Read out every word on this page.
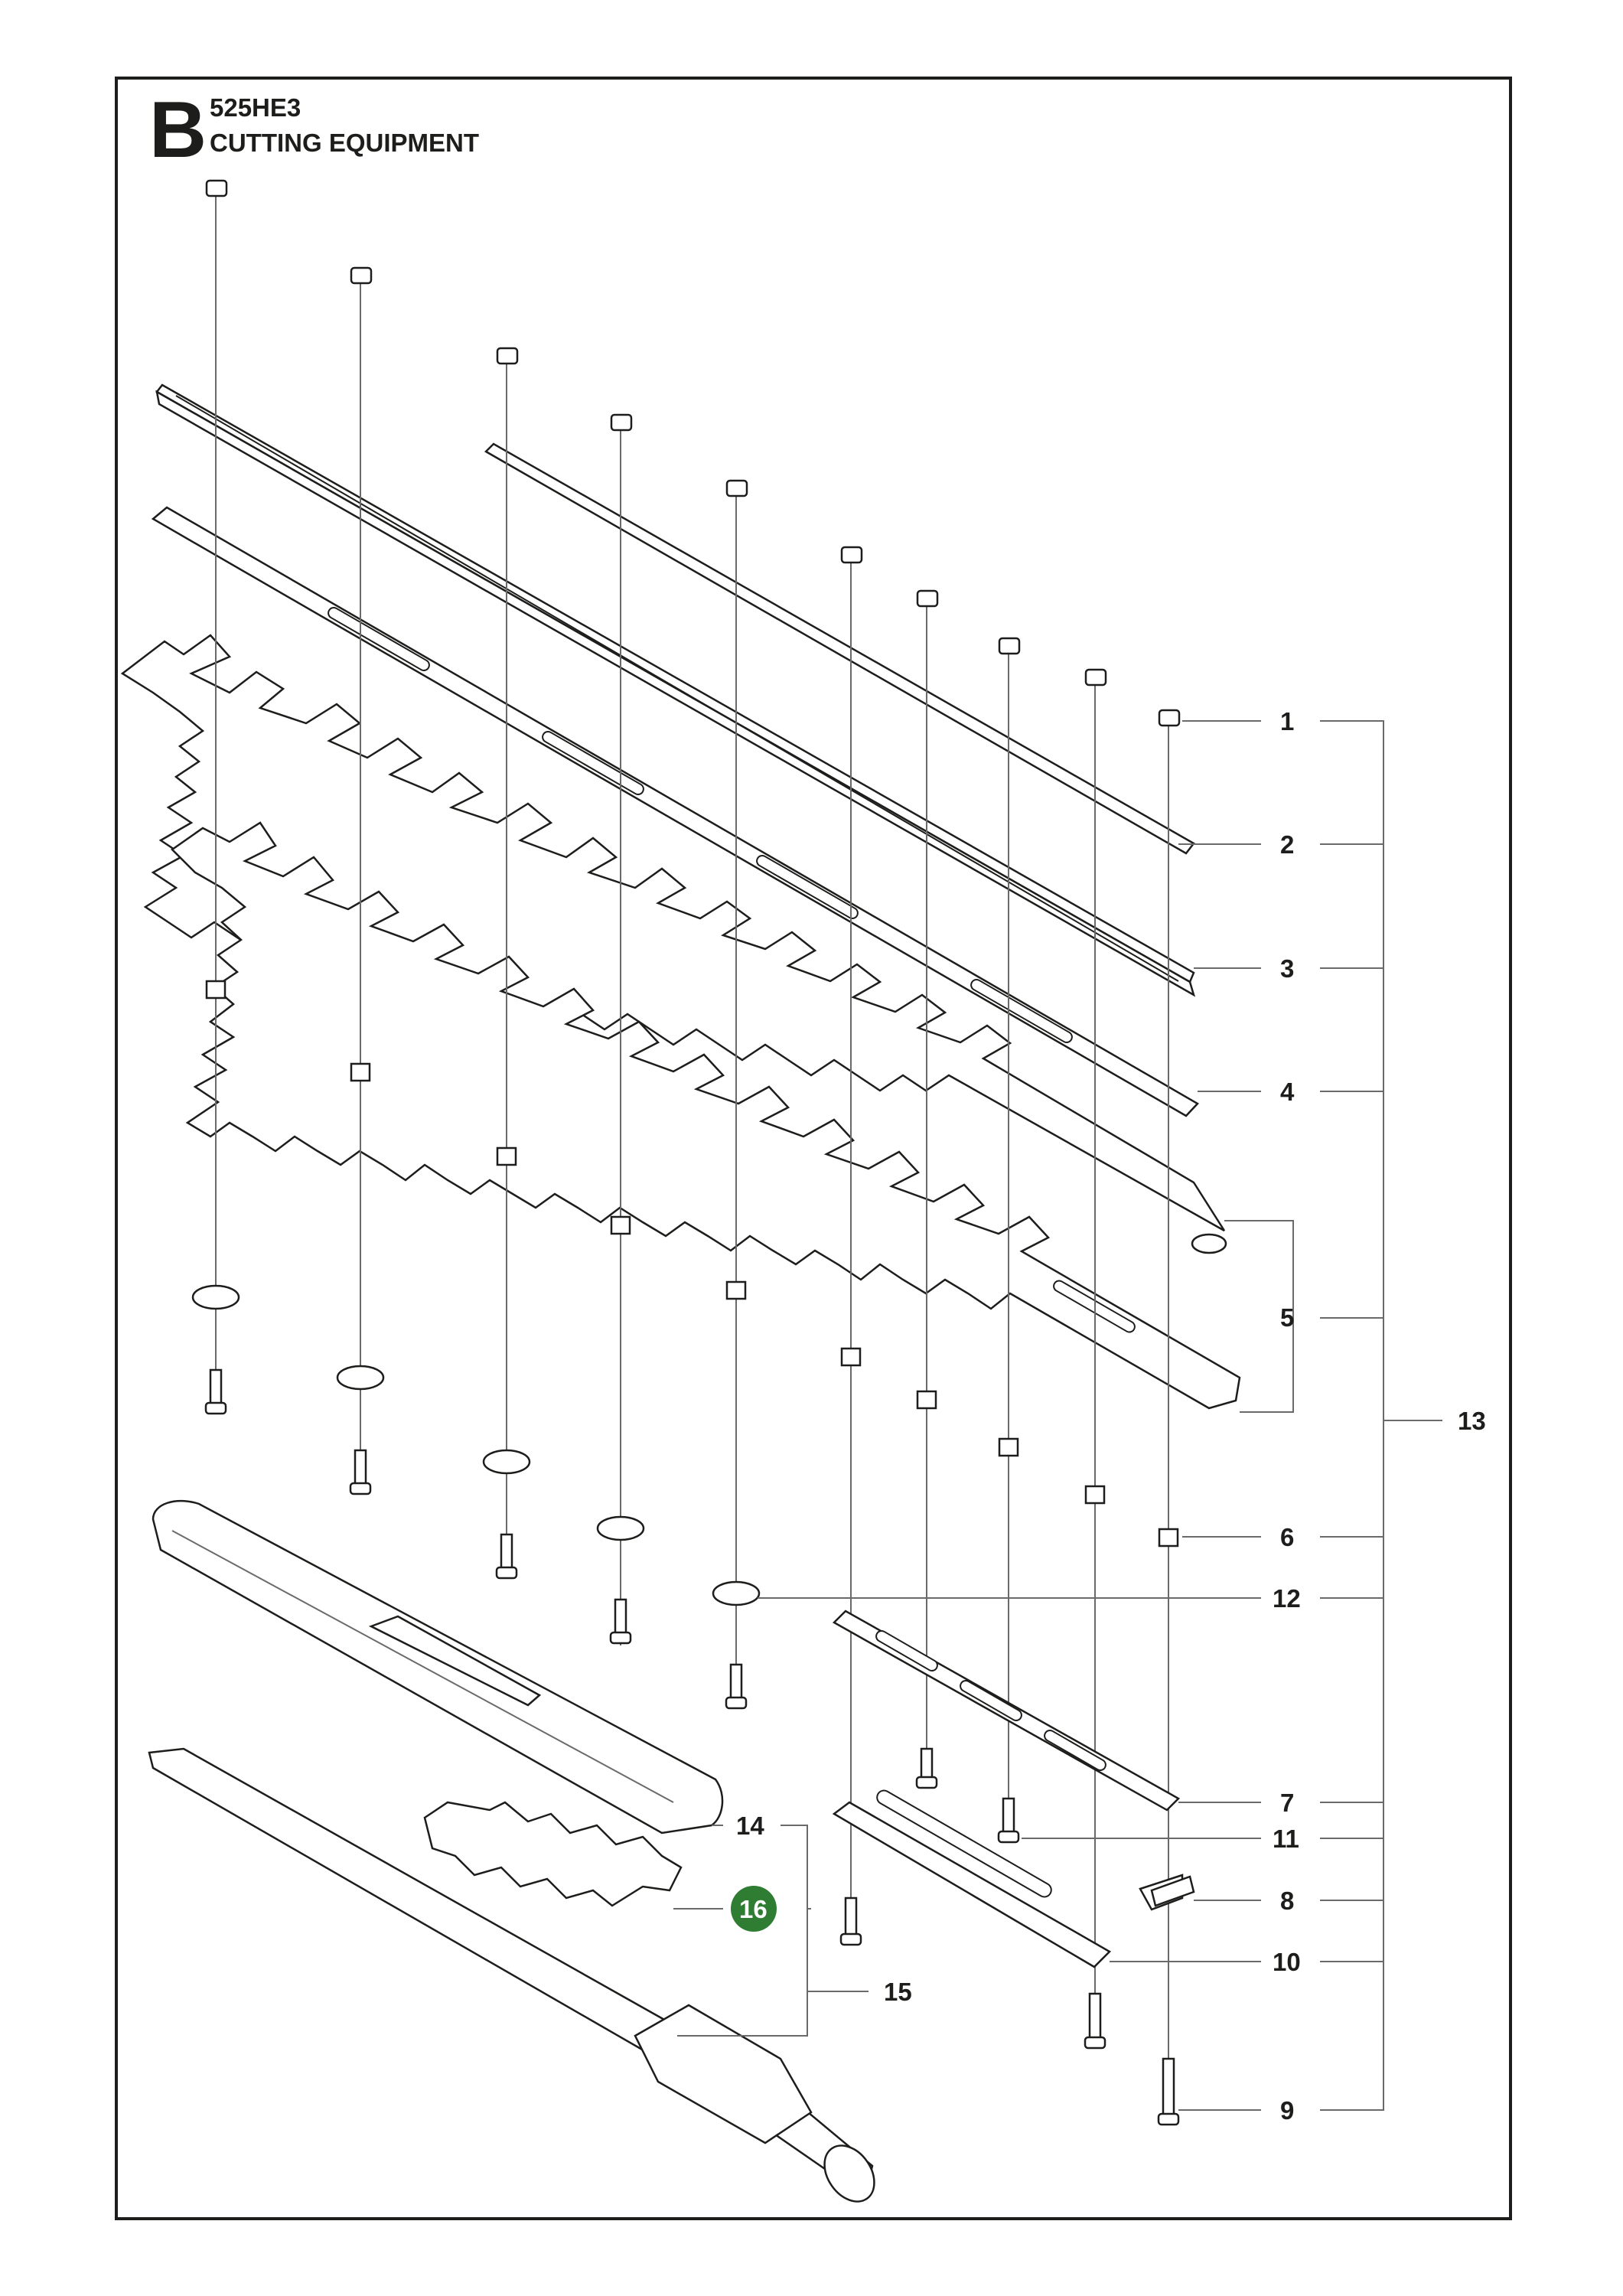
B 525HE3
CUTTING EQUIPMENT
1
2
3
4
5
6
12
13
7
11
8
10
9
14
16
15
